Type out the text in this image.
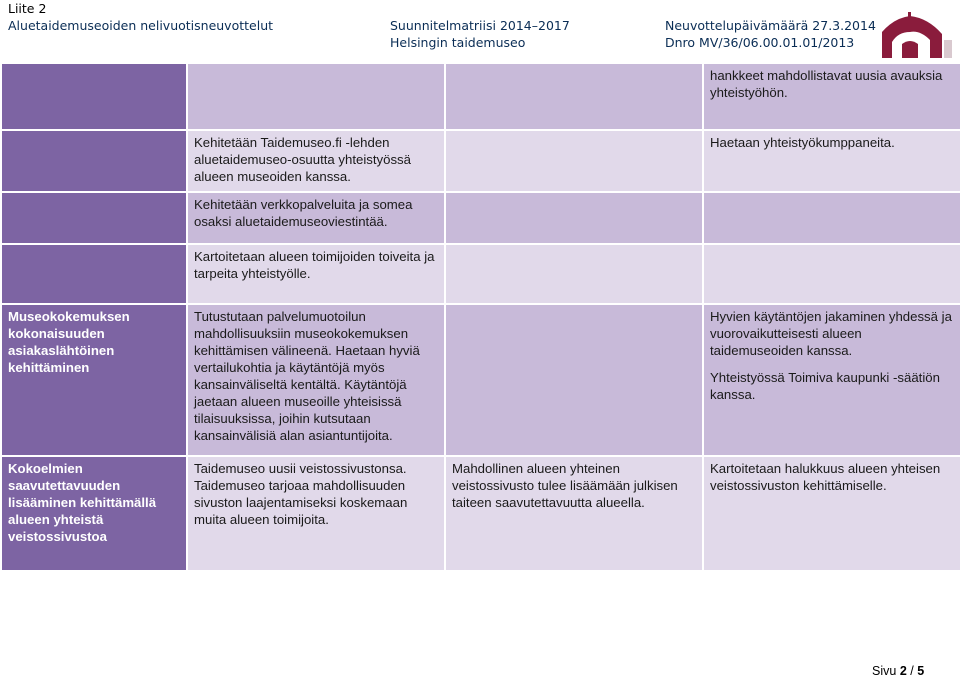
Liite 2
Aluetaidemuseoiden nelivuotisneuvottelut	Suunnitelmatriisi 2014–2017
Helsingin taidemuseo
Neuvottelupäivämäärä 27.3.2014
Dnro MV/36/06.00.01.01/2013

			hankkeet mahdollistavat uusia avauksia yhteistyöhön.

	Kehitetään Taidemuseo.fi -lehden aluetaidemuseo-osuutta yhteistyössä alueen museoiden kanssa.		Haetaan yhteistyökumppaneita.

	Kehitetään verkkopalveluita ja somea osaksi aluetaidemuseoviestintää.		

	Kartoitetaan alueen toimijoiden toiveita ja tarpeita yhteistyölle.		

Museokokemuksen kokonaisuuden asiakaslähtöinen kehittäminen	Tutustutaan palvelumuotoilun mahdollisuuksiin museokokemuksen kehittämisen välineenä. Haetaan hyviä vertailukohtia ja käytäntöjä myös kansainväliseltä kentältä. Käytäntöjä jaetaan alueen museoille yhteisissä tilaisuuksissa, joihin kutsutaan kansainvälisiä alan asiantuntijoita.		Hyvien käytäntöjen jakaminen yhdessä ja vuorovaikutteisesti alueen taidemuseoiden kanssa.
Yhteistyössä Toimiva kaupunki -säätiön kanssa.

Kokoelmien saavutettavuuden lisääminen kehittämällä alueen yhteistä veistossivustoa	Taidemuseo uusii veistossivustonsa. Taidemuseo tarjoaa mahdollisuuden sivuston laajentamiseksi koskemaan muita alueen toimijoita.	Mahdollinen alueen yhteinen veistossivusto tulee lisäämään julkisen taiteen saavutettavuutta alueella.	Kartoitetaan halukkuus alueen yhteisen veistossivuston kehittämiselle.
Sivu 2 / 5
